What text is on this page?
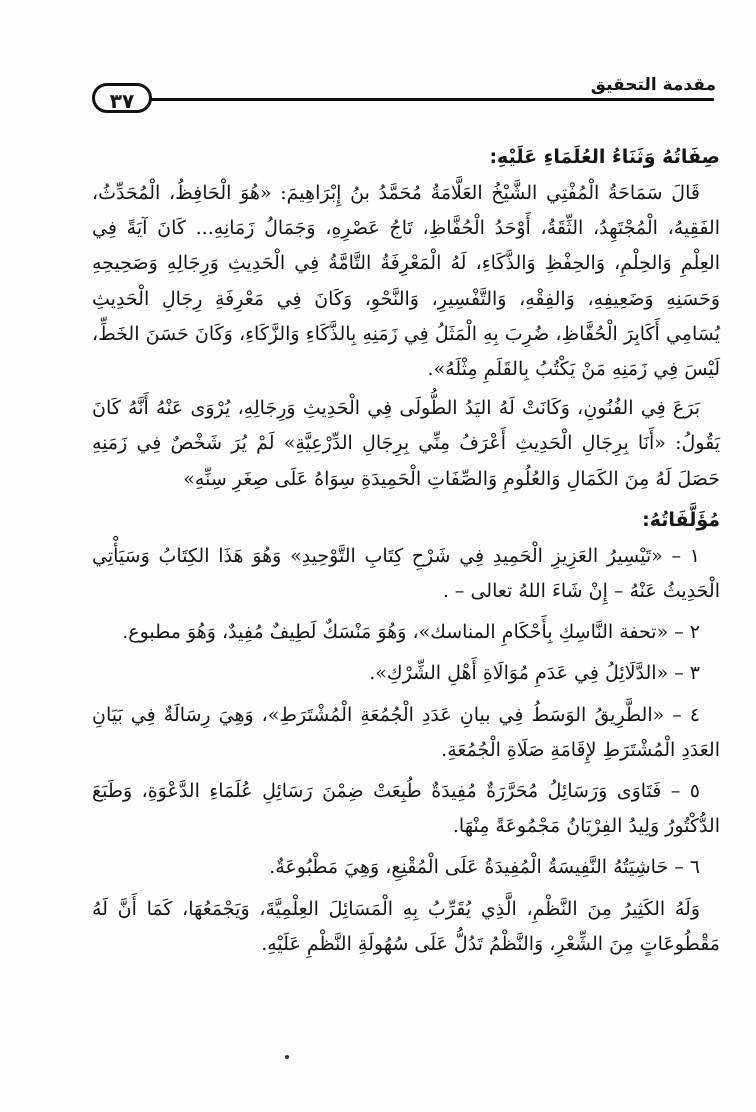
مقدمة التحقيق
٣٧

صِفَاتُهُ وَثَنَاءُ العُلَمَاءِ عَلَيْهِ:

قَالَ سَمَاحَةُ الْمُفْتِي الشَّيْخُ العَلَّامَةُ مُحَمَّدُ بنُ إِبْرَاهِيمَ: «هُوَ الْحَافِظُ، الْمُحَدِّثُ، الفَقِيهُ، الْمُجْتَهِدُ، الثِّقَةُ، أَوْحَدُ الْحُفَّاظِ، تَاجُ عَصْرِهِ، وَجَمَالُ زَمَانِهِ... كَانَ آيَةً فِي العِلْمِ وَالحِلْمِ، وَالحِفْظِ وَالذَّكَاءِ، لَهُ الْمَعْرِفَةُ التَّامَّةُ فِي الْحَدِيثِ وَرِجَالِهِ وَصَحِيحِهِ وَحَسَنِهِ وَضَعِيفِهِ، وَالفِقْهِ، وَالتَّفْسِيرِ، وَالنَّحْوِ، وَكَانَ فِي مَعْرِفَةِ رِجَالِ الْحَدِيثِ يُسَامِي أَكَابِرَ الْحُفَّاظِ، ضُرِبَ بِهِ الْمَثَلُ فِي زَمَنِهِ بِالذَّكَاءِ وَالزَّكَاءِ، وَكَانَ حَسَنَ الخَطِّ، لَيْسَ فِي زَمَنِهِ مَنْ يَكْتُبُ بِالقَلَمِ مِثْلَهُ».

بَرَعَ فِي الفُنُونِ، وَكَانَتْ لَهُ اليَدُ الطُّولَى فِي الْحَدِيثِ وَرِجَالِهِ، يُرْوَى عَنْهُ أَنَّهُ كَانَ يَقُولُ: «أَنَا بِرِجَالِ الْحَدِيثِ أَعْرَفُ مِنِّي بِرِجَالِ الدِّرْعِيَّةِ» لَمْ يُرَ شَخْصٌ فِي زَمَنِهِ حَصَلَ لَهُ مِنَ الكَمَالِ وَالعُلُومِ وَالصِّفَاتِ الْحَمِيدَةِ سِوَاهُ عَلَى صِغَرِ سِنِّهِ»

مُؤَلَّفَاتُهُ:

١ – «تَيْسِيرُ العَزِيزِ الْحَمِيدِ فِي شَرْحِ كِتَابِ التَّوْحِيدِ» وَهُوَ هَذَا الكِتَابُ وَسَيَأْتِي الْحَدِيثُ عَنْهُ – إِنْ شَاءَ اللهُ تعالى – .

٢ – «تحفة النَّاسِكِ بِأَحْكَامِ المناسك»، وَهُوَ مَنْسَكٌ لَطِيفٌ مُفِيدٌ، وَهُوَ مطبوع.

٣ – «الدَّلَائِلُ فِي عَدَمِ مُوَالَاةِ أَهْلِ الشِّرْكِ».

٤ – «الطَّرِيقُ الوَسَطُ فِي بيانِ عَدَدِ الْجُمُعَةِ الْمُشْتَرَطِ»، وَهِيَ رِسَالَةٌ فِي بَيَانِ العَدَدِ الْمُشْتَرَطِ لإِقَامَةِ صَلَاةِ الْجُمُعَةِ.

٥ – فَتَاوَى وَرَسَائِلُ مُحَرَّرَةٌ مُفِيدَةٌ طُبِعَتْ ضِمْنَ رَسَائِلِ عُلَمَاءِ الدَّعْوَةِ، وَطَبَعَ الدُّكْتُورُ وَلِيدُ الفِرْيَانُ مَجْمُوعَةً مِنْهَا.

٦ – حَاشِيَتُهُ النَّفِيسَةُ الْمُفِيدَةُ عَلَى الْمُقْنِعِ، وَهِيَ مَطْبُوعَةٌ.

وَلَهُ الكَثِيرُ مِنَ النَّظْمِ، الَّذِي يُقَرِّبُ بِهِ الْمَسَائِلَ العِلْمِيَّةَ، وَيَجْمَعُهَا، كَمَا أَنَّ لَهُ مَقْطُوعَاتٍ مِنَ الشِّعْرِ، وَالنَّظْمُ تَدُلُّ عَلَى سُهُولَةِ النَّظْمِ عَلَيْهِ.
